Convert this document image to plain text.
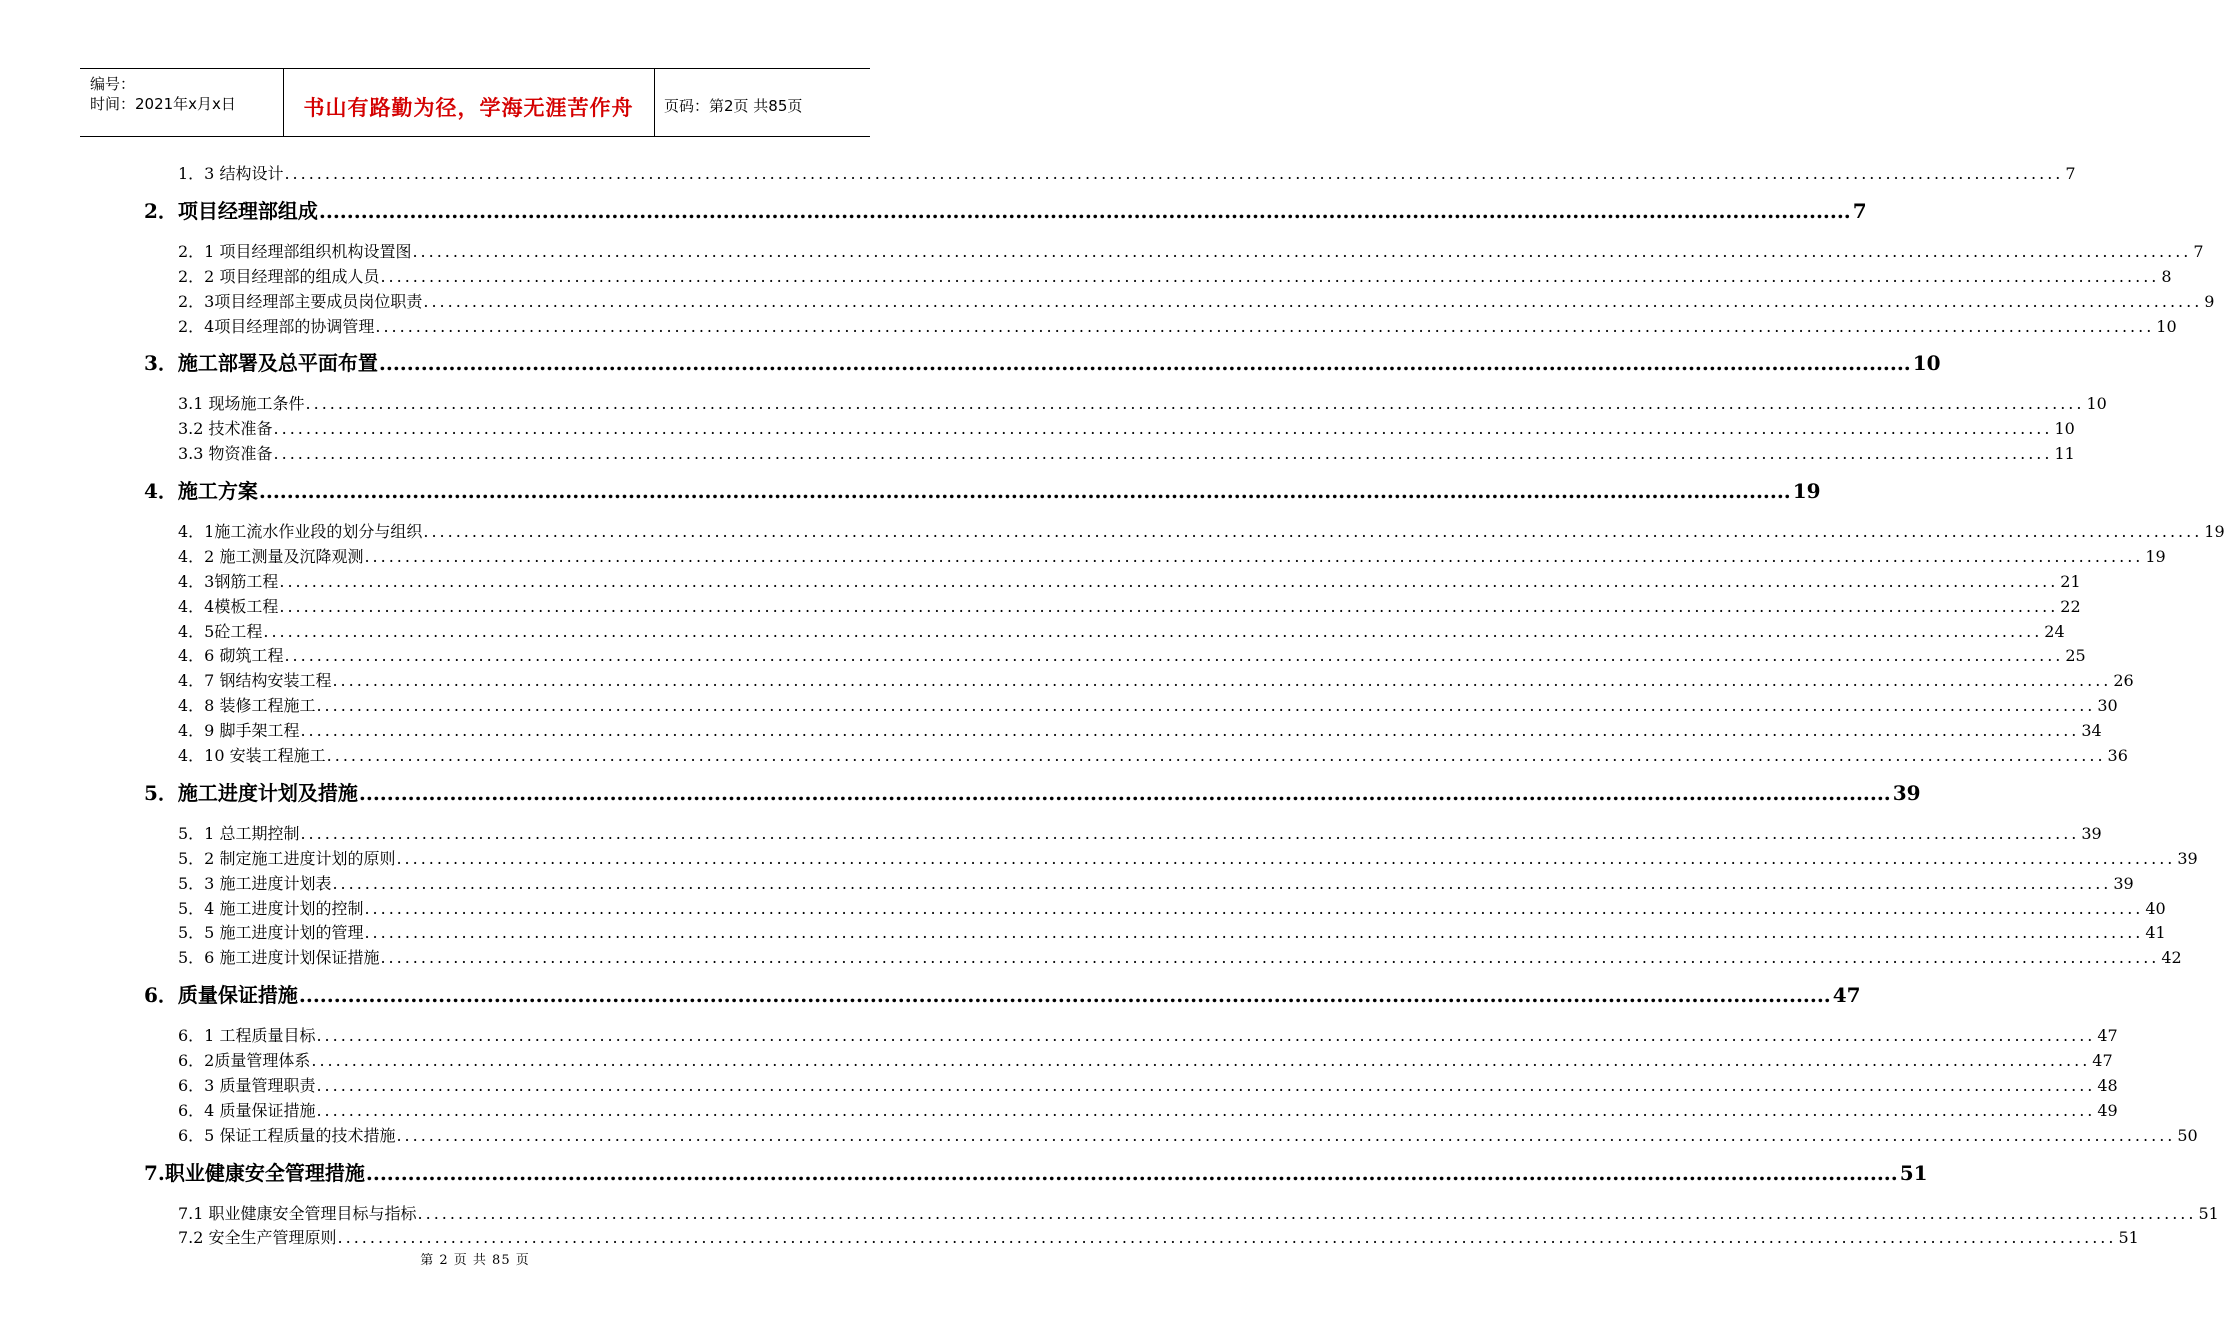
编号：
时间：2021年x月x日	书山有路勤为径，学海无涯苦作舟	页码：第2页 共85页
1．3 结构设计 ............................................................................................................................................................................................................................ 7
2．项目经理部组成 ............................................................................................................................................................................................................................ 7
2．1 项目经理部组织机构设置图 ............................................................................................................................................................................................................................ 7
2．2 项目经理部的组成人员 ............................................................................................................................................................................................................................ 8
2．3项目经理部主要成员岗位职责 ............................................................................................................................................................................................................................ 9
2．4项目经理部的协调管理 ............................................................................................................................................................................................................................ 10
3．施工部署及总平面布置 ............................................................................................................................................................................................................................ 10
3.1 现场施工条件 ............................................................................................................................................................................................................................ 10
3.2 技术准备 ............................................................................................................................................................................................................................ 10
3.3 物资准备 ............................................................................................................................................................................................................................ 11
4．施工方案 ............................................................................................................................................................................................................................ 19
4．1施工流水作业段的划分与组织 ............................................................................................................................................................................................................................ 19
4．2 施工测量及沉降观测 ............................................................................................................................................................................................................................ 19
4．3钢筋工程 ............................................................................................................................................................................................................................ 21
4．4模板工程 ............................................................................................................................................................................................................................ 22
4．5砼工程 ............................................................................................................................................................................................................................ 24
4．6 砌筑工程 ............................................................................................................................................................................................................................ 25
4．7 钢结构安装工程 ............................................................................................................................................................................................................................ 26
4．8 装修工程施工 ............................................................................................................................................................................................................................ 30
4．9 脚手架工程 ............................................................................................................................................................................................................................ 34
4．10 安装工程施工 ............................................................................................................................................................................................................................ 36
5．施工进度计划及措施 ............................................................................................................................................................................................................................ 39
5．1 总工期控制 ............................................................................................................................................................................................................................ 39
5．2 制定施工进度计划的原则 ............................................................................................................................................................................................................................ 39
5．3 施工进度计划表 ............................................................................................................................................................................................................................ 39
5．4 施工进度计划的控制 ............................................................................................................................................................................................................................ 40
5．5 施工进度计划的管理 ............................................................................................................................................................................................................................ 41
5．6 施工进度计划保证措施 ............................................................................................................................................................................................................................ 42
6．质量保证措施 ............................................................................................................................................................................................................................ 47
6．1 工程质量目标 ............................................................................................................................................................................................................................ 47
6．2质量管理体系 ............................................................................................................................................................................................................................ 47
6．3 质量管理职责 ............................................................................................................................................................................................................................ 48
6．4 质量保证措施 ............................................................................................................................................................................................................................ 49
6．5 保证工程质量的技术措施 ............................................................................................................................................................................................................................ 50
7.职业健康安全管理措施 ............................................................................................................................................................................................................................ 51
7.1 职业健康安全管理目标与指标 ............................................................................................................................................................................................................................ 51
7.2 安全生产管理原则 ............................................................................................................................................................................................................................ 51
第 2 页 共 85 页
